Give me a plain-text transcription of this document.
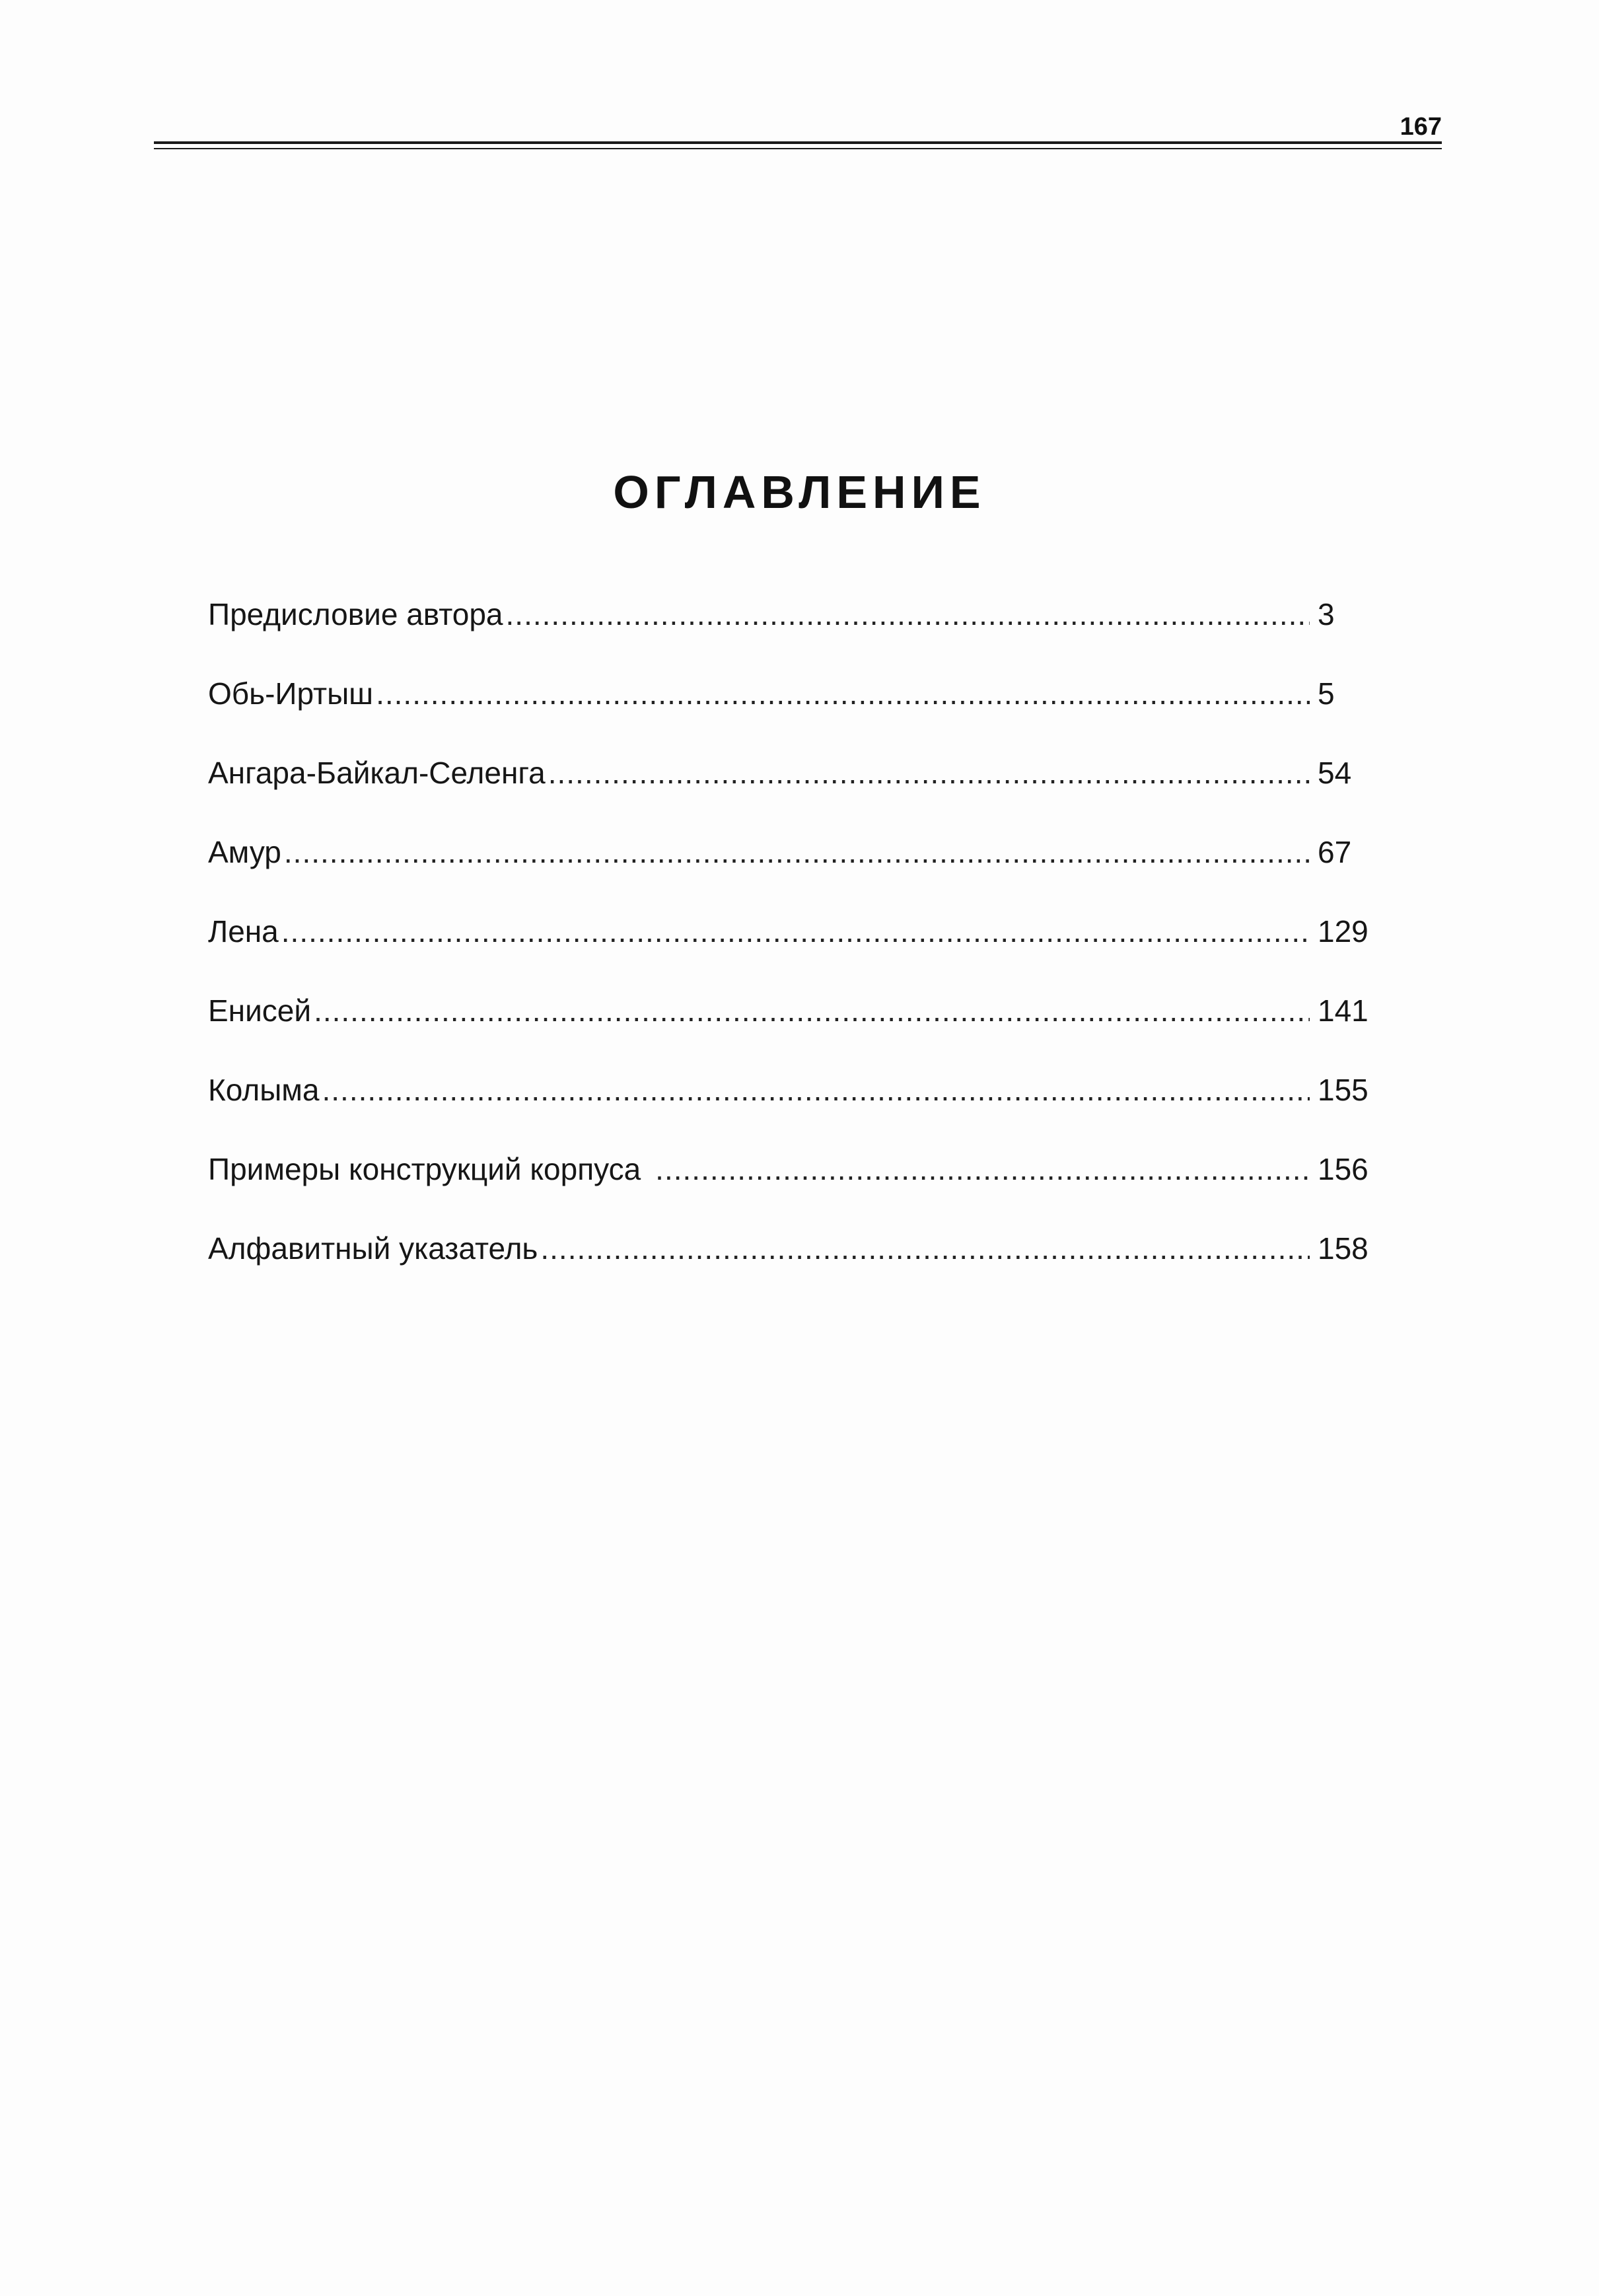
167
ОГЛАВЛЕНИЕ
Предисловие автора .....	3
Обь-Иртыш .....	5
Ангара-Байкал-Селенга .....	54
Амур .....	67
Лена .....	129
Енисей .....	141
Колыма .....	155
Примеры конструкций корпуса .....	156
Алфавитный указатель .....	158
